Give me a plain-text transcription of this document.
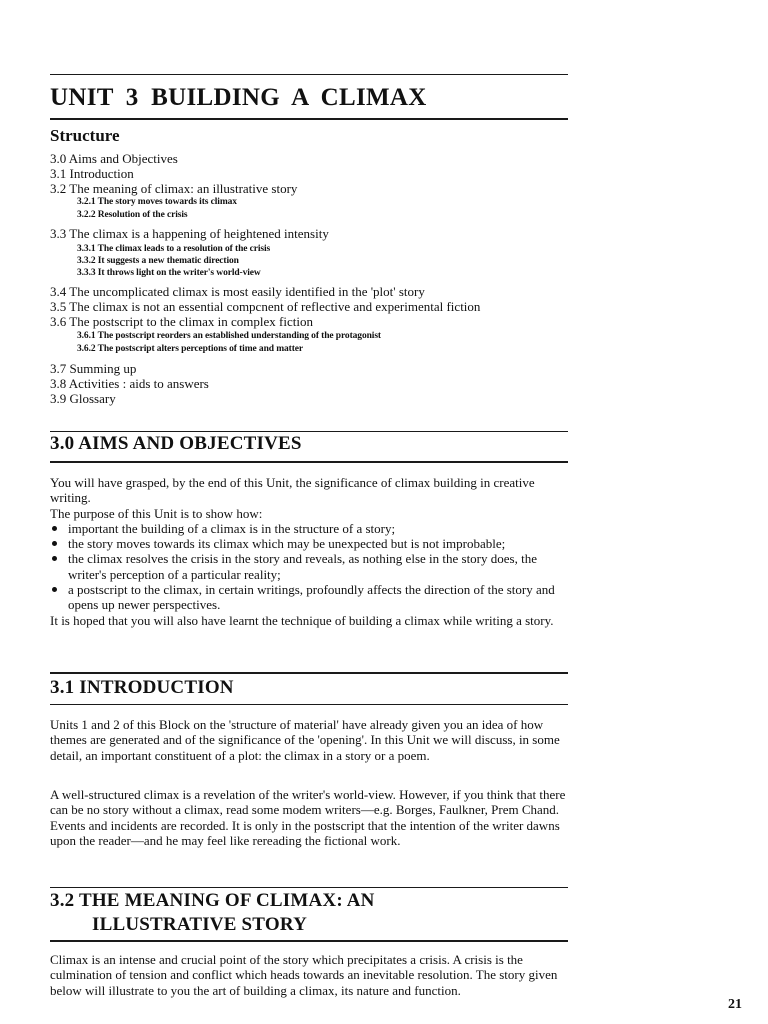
UNIT 3 BUILDING A CLIMAX
Structure
3.0 Aims and Objectives
3.1 Introduction
3.2 The meaning of climax: an illustrative story
3.2.1 The story moves towards its climax
3.2.2 Resolution of the crisis
3.3 The climax is a happening of heightened intensity
3.3.1 The climax leads to a resolution of the crisis
3.3.2 It suggests a new thematic direction
3.3.3 It throws light on the writer's world-view
3.4 The uncomplicated climax is most easily identified in the 'plot' story
3.5 The climax is not an essential compcnent of reflective and experimental fiction
3.6 The postscript to the climax in complex fiction
3.6.1 The postscript reorders an established understanding of the protagonist
3.6.2 The postscript alters perceptions of time and matter
3.7 Summing up
3.8 Activities : aids to answers
3.9 Glossary
3.0 AIMS AND OBJECTIVES

You will have grasped, by the end of this Unit, the significance of climax building in creative writing.

The purpose of this Unit is to show how:

important the building of a climax is in the structure of a story;
the story moves towards its climax which may be unexpected but is not improbable;
the climax resolves the crisis in the story and reveals, as nothing else in the story does, the writer's perception of a particular reality;
a postscript to the climax, in certain writings, profoundly affects the direction of the story and opens up newer perspectives.

It is hoped that you will also have learnt the technique of building a climax while writing a story.

3.1 INTRODUCTION
Units 1 and 2 of this Block on the 'structure of material' have already given you an idea of how themes are generated and of the significance of the 'opening'. In this Unit we will discuss, in some detail, an important constituent of a plot: the climax in a story or a poem.
A well-structured climax is a revelation of the writer's world-view. However, if you think that there can be no story without a climax, read some modem writers—e.g. Borges, Faulkner, Prem Chand. Events and incidents are recorded. It is only in the postscript that the intention of the writer dawns upon the reader—and he may feel like rereading the fictional work.
3.2 THE MEANING OF CLIMAX: AN
ILLUSTRATIVE STORY
Climax is an intense and crucial point of the story which precipitates a crisis. A crisis is the culmination of tension and conflict which heads towards an inevitable resolution. The story given below will illustrate to you the art of building a climax, its nature and function.
21
